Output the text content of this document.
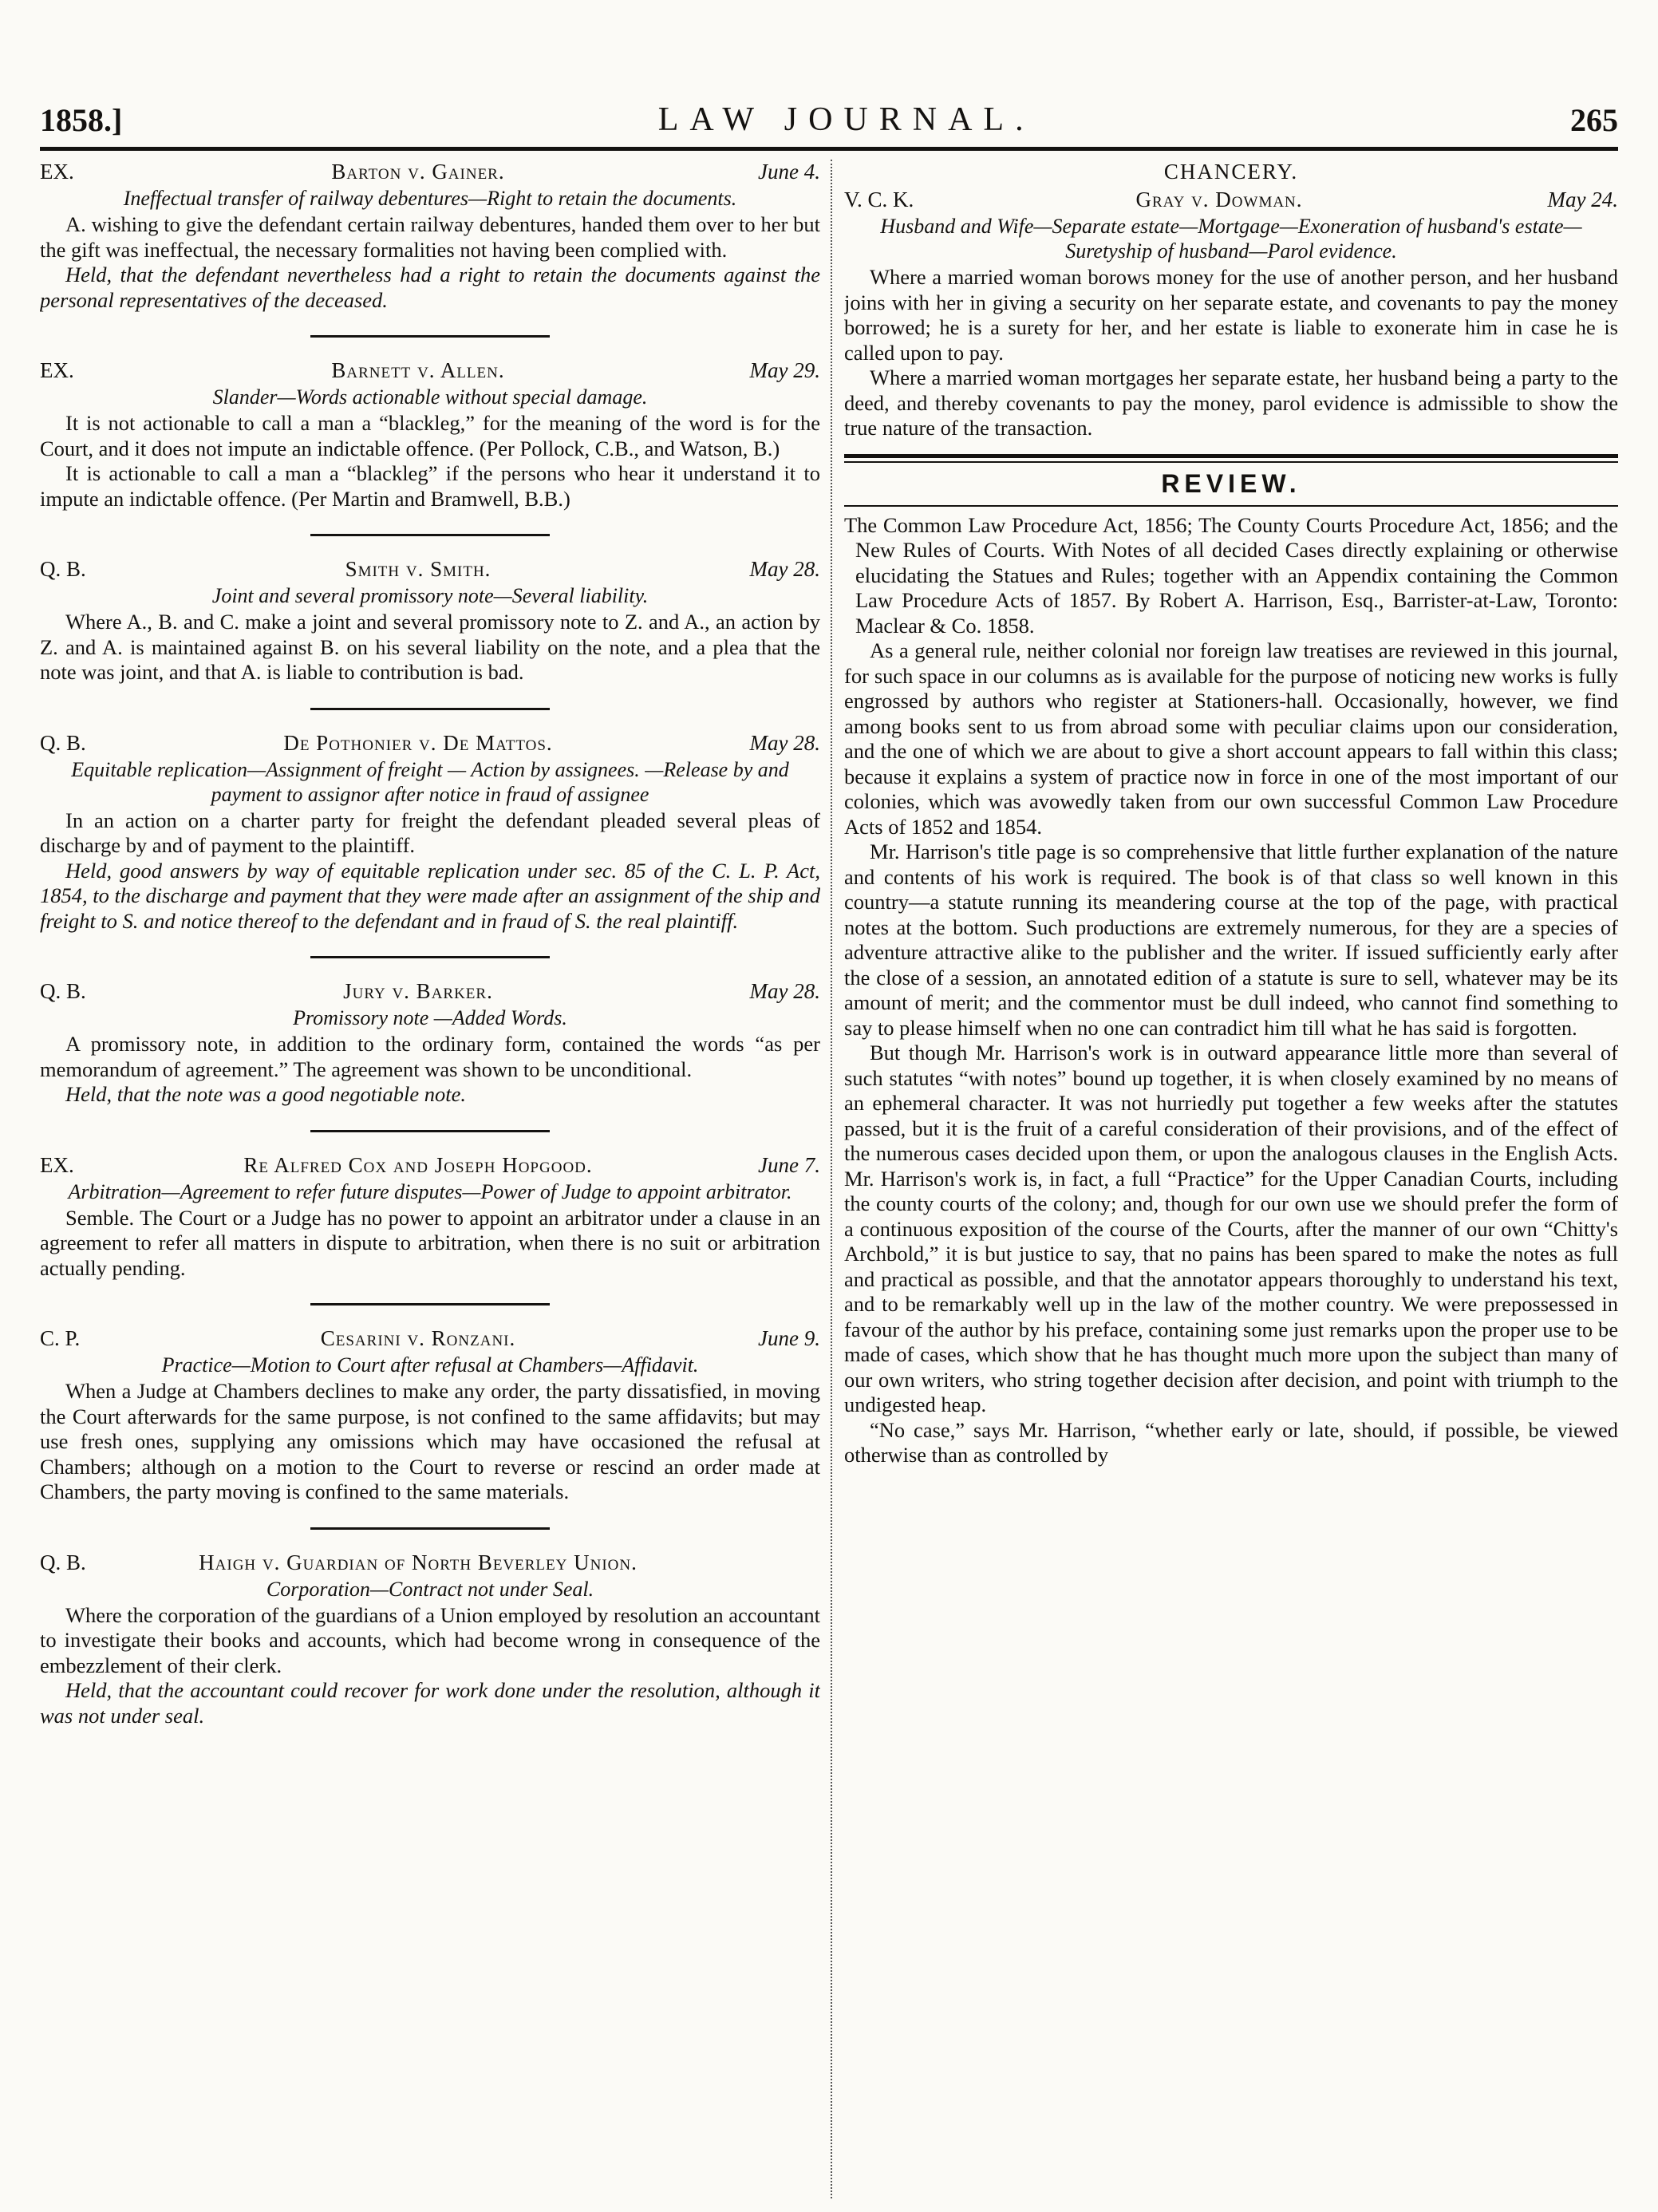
1858.]	LAW JOURNAL.	265
EX.	Barton v. Gainer.	June 4.
Ineffectual transfer of railway debentures—Right to retain the documents.

A. wishing to give the defendant certain railway debentures, handed them over to her but the gift was ineffectual, the necessary formalities not having been complied with.

Held, that the defendant nevertheless had a right to retain the documents against the personal representatives of the deceased.

EX.	Barnett v. Allen.	May 29.
Slander—Words actionable without special damage.

It is not actionable to call a man a “blackleg,” for the meaning of the word is for the Court, and it does not impute an indictable offence. (Per Pollock, C.B., and Watson, B.)

It is actionable to call a man a “blackleg” if the persons who hear it understand it to impute an indictable offence. (Per Martin and Bramwell, B.B.)

Q. B.	Smith v. Smith.	May 28.
Joint and several promissory note—Several liability.

Where A., B. and C. make a joint and several promissory note to Z. and A., an action by Z. and A. is maintained against B. on his several liability on the note, and a plea that the note was joint, and that A. is liable to contribution is bad.

Q. B.	De Pothonier v. De Mattos.	May 28.
Equitable replication—Assignment of freight — Action by assignees. —Release by and payment to assignor after notice in fraud of assignee

In an action on a charter party for freight the defendant pleaded several pleas of discharge by and of payment to the plaintiff.

Held, good answers by way of equitable replication under sec. 85 of the C. L. P. Act, 1854, to the discharge and payment that they were made after an assignment of the ship and freight to S. and notice thereof to the defendant and in fraud of S. the real plaintiff.

Q. B.	Jury v. Barker.	May 28.
Promissory note —Added Words.

A promissory note, in addition to the ordinary form, contained the words “as per memorandum of agreement.” The agreement was shown to be unconditional.

Held, that the note was a good negotiable note.

EX.	Re Alfred Cox and Joseph Hopgood.	June 7.
Arbitration—Agreement to refer future disputes—Power of Judge to appoint arbitrator.

Semble. The Court or a Judge has no power to appoint an arbitrator under a clause in an agreement to refer all matters in dispute to arbitration, when there is no suit or arbitration actually pending.

C. P.	Cesarini v. Ronzani.	June 9.
Practice—Motion to Court after refusal at Chambers—Affidavit.

When a Judge at Chambers declines to make any order, the party dissatisfied, in moving the Court afterwards for the same purpose, is not confined to the same affidavits; but may use fresh ones, supplying any omissions which may have occasioned the refusal at Chambers; although on a motion to the Court to reverse or rescind an order made at Chambers, the party moving is confined to the same materials.

Q. B.	Haigh v. Guardian of North Beverley Union.
Corporation—Contract not under Seal.

Where the corporation of the guardians of a Union employed by resolution an accountant to investigate their books and accounts, which had become wrong in consequence of the embezzlement of their clerk.

Held, that the accountant could recover for work done under the resolution, although it was not under seal.

CHANCERY.
V. C. K.	Gray v. Dowman.	May 24.
Husband and Wife—Separate estate—Mortgage—Exoneration of husband's estate—Suretyship of husband—Parol evidence.

Where a married woman borows money for the use of another person, and her husband joins with her in giving a security on her separate estate, and covenants to pay the money borrowed; he is a surety for her, and her estate is liable to exonerate him in case he is called upon to pay.

Where a married woman mortgages her separate estate, her husband being a party to the deed, and thereby covenants to pay the money, parol evidence is admissible to show the true nature of the transaction.

REVIEW.
The Common Law Procedure Act, 1856; The County Courts Procedure Act, 1856; and the New Rules of Courts. With Notes of all decided Cases directly explaining or otherwise elucidating the Statues and Rules; together with an Appendix containing the Common Law Procedure Acts of 1857. By Robert A. Harrison, Esq., Barrister-at-Law, Toronto: Maclear & Co. 1858.

As a general rule, neither colonial nor foreign law treatises are reviewed in this journal, for such space in our columns as is available for the purpose of noticing new works is fully engrossed by authors who register at Stationers-hall. Occasionally, however, we find among books sent to us from abroad some with peculiar claims upon our consideration, and the one of which we are about to give a short account appears to fall within this class; because it explains a system of practice now in force in one of the most important of our colonies, which was avowedly taken from our own successful Common Law Procedure Acts of 1852 and 1854.

Mr. Harrison's title page is so comprehensive that little further explanation of the nature and contents of his work is required. The book is of that class so well known in this country—a statute running its meandering course at the top of the page, with practical notes at the bottom. Such productions are extremely numerous, for they are a species of adventure attractive alike to the publisher and the writer. If issued sufficiently early after the close of a session, an annotated edition of a statute is sure to sell, whatever may be its amount of merit; and the commentor must be dull indeed, who cannot find something to say to please himself when no one can contradict him till what he has said is forgotten.

But though Mr. Harrison's work is in outward appearance little more than several of such statutes “with notes” bound up together, it is when closely examined by no means of an ephemeral character. It was not hurriedly put together a few weeks after the statutes passed, but it is the fruit of a careful consideration of their provisions, and of the effect of the numerous cases decided upon them, or upon the analogous clauses in the English Acts. Mr. Harrison's work is, in fact, a full “Practice” for the Upper Canadian Courts, including the county courts of the colony; and, though for our own use we should prefer the form of a continuous exposition of the course of the Courts, after the manner of our own “Chitty's Archbold,” it is but justice to say, that no pains has been spared to make the notes as full and practical as possible, and that the annotator appears thoroughly to understand his text, and to be remarkably well up in the law of the mother country. We were prepossessed in favour of the author by his preface, containing some just remarks upon the proper use to be made of cases, which show that he has thought much more upon the subject than many of our own writers, who string together decision after decision, and point with triumph to the undigested heap.

“No case,” says Mr. Harrison, “whether early or late, should, if possible, be viewed otherwise than as controlled by
